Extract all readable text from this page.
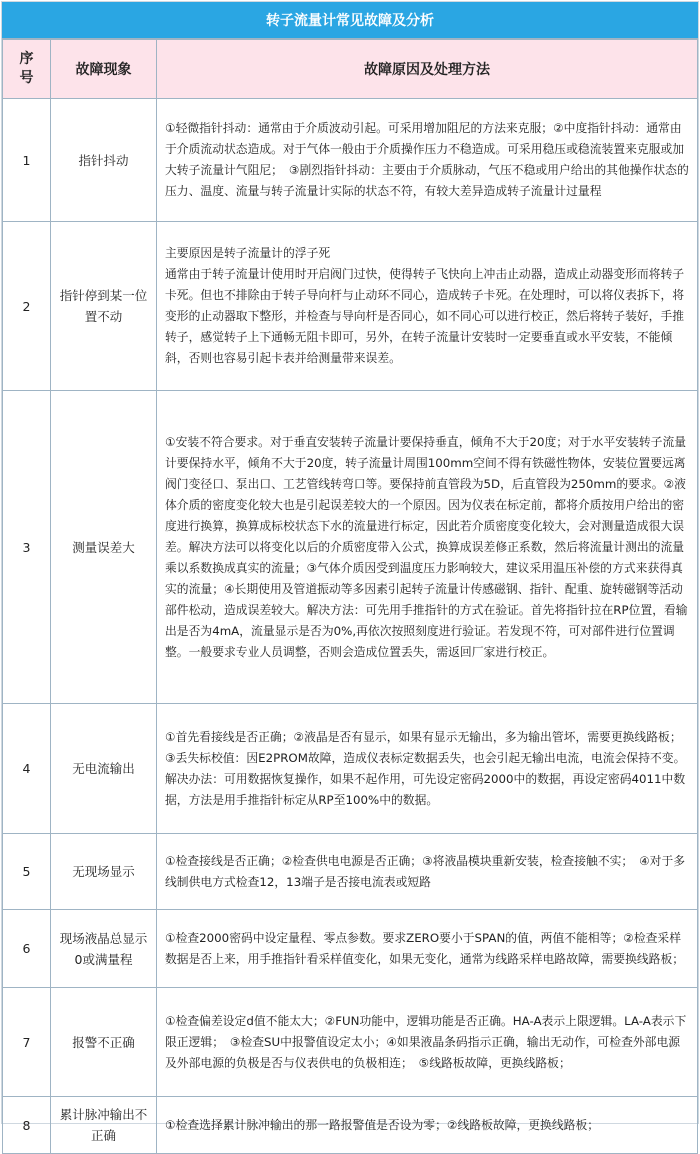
转子流量计常见故障及分析
序
号	故障现象	故障原因及处理方法
1	指针抖动	①轻微指针抖动：通常由于介质波动引起。可采用增加阻尼的方法来克服；②中度指针抖动：通常由于介质流动状态造成。对于气体一般由于介质操作压力不稳造成。可采用稳压或稳流装置来克服或加大转子流量计气阻尼；　③剧烈指针抖动：主要由于介质脉动，气压不稳或用户给出的其他操作状态的压力、温度、流量与转子流量计实际的状态不符，有较大差异造成转子流量计过量程
2	指针停到某一位置不动	主要原因是转子流量计的浮子死
通常由于转子流量计使用时开启阀门过快，使得转子飞快向上冲击止动器，造成止动器变形而将转子卡死。但也不排除由于转子导向杆与止动环不同心，造成转子卡死。在处理时，可以将仪表拆下，将变形的止动器取下整形，并检查与导向杆是否同心，如不同心可以进行校正，然后将转子装好，手推转子，感觉转子上下通畅无阻卡即可，另外，在转子流量计安装时一定要垂直或水平安装，不能倾斜，否则也容易引起卡表并给测量带来误差。
3	测量误差大	①安装不符合要求。对于垂直安装转子流量计要保持垂直，倾角不大于20度；对于水平安装转子流量计要保持水平，倾角不大于20度，转子流量计周围100mm空间不得有铁磁性物体，安装位置要远离阀门变径口、泵出口、工艺管线转弯口等。要保持前直管段为5D，后直管段为250mm的要求。②液体介质的密度变化较大也是引起误差较大的一个原因。因为仪表在标定前，都将介质按用户给出的密度进行换算，换算成标校状态下水的流量进行标定，因此若介质密度变化较大，会对测量造成很大误差。解决方法可以将变化以后的介质密度带入公式，换算成误差修正系数，然后将流量计测出的流量乘以系数换成真实的流量；③气体介质因受到温度压力影响较大，建议采用温压补偿的方式来获得真实的流量；④长期使用及管道振动等多因素引起转子流量计传感磁钢、指针、配重、旋转磁钢等活动部件松动，造成误差较大。解决方法：可先用手推指针的方式在验证。首先将指针拉在RP位置，看输出是否为4mA，流量显示是否为0%,再依次按照刻度进行验证。若发现不符，可对部件进行位置调整。一般要求专业人员调整，否则会造成位置丢失，需返回厂家进行校正。
4	无电流输出	①首先看接线是否正确；②液晶是否有显示，如果有显示无输出，多为输出管坏，需要更换线路板；　③丢失标校值：因E2PROM故障，造成仪表标定数据丢失，也会引起无输出电流，电流会保持不变。解决办法：可用数据恢复操作，如果不起作用，可先设定密码2000中的数据，再设定密码4011中数据，方法是用手推指针标定从RP至100%中的数据。
5	无现场显示	①检查接线是否正确；②检查供电电源是否正确；③将液晶模块重新安装，检查接触不实；　④对于多线制供电方式检查12，13端子是否接电流表或短路
6	现场液晶总显示0或满量程	①检查2000密码中设定量程、零点参数。要求ZERO要小于SPAN的值，两值不能相等；②检查采样数据是否上来，用手推指针看采样值变化，如果无变化，通常为线路采样电路故障，需要换线路板；
7	报警不正确	①检查偏差设定d值不能太大；②FUN功能中，逻辑功能是否正确。HA-A表示上限逻辑。LA-A表示下限正逻辑；　③检查SU中报警值设定太小；④如果液晶条码指示正确，输出无动作，可检查外部电源及外部电源的负极是否与仪表供电的负极相连；　⑤线路板故障，更换线路板；
8	累计脉冲输出不正确	①检查选择累计脉冲输出的那一路报警值是否设为零；②线路板故障，更换线路板；
